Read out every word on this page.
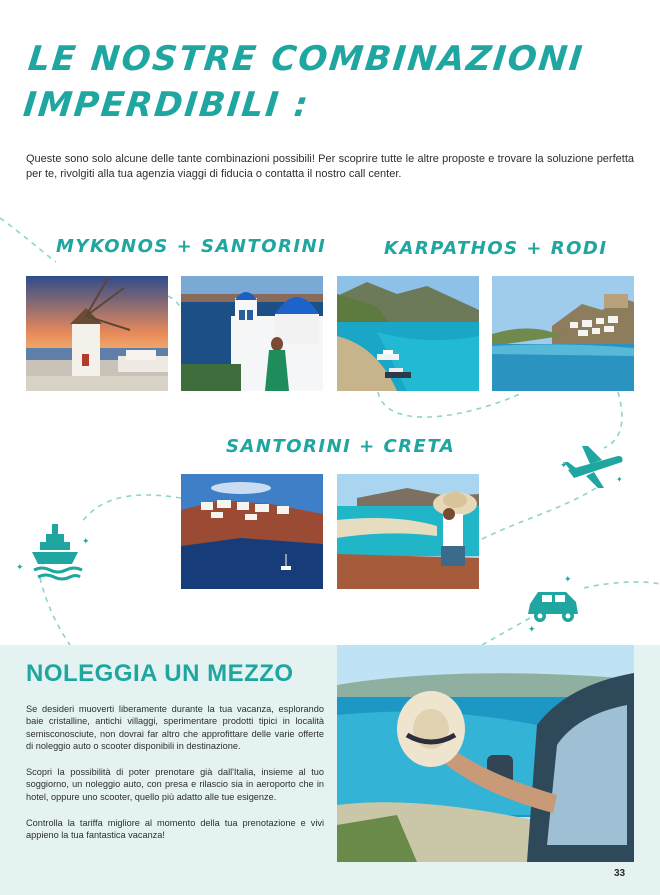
LE NOSTRE COMBINAZIONI
IMPERDIBILI :

Queste sono solo alcune delle tante combinazioni possibili! Per scoprire tutte le altre proposte e trovare la soluzione perfetta per te, rivolgiti alla tua agenzia viaggi di fiducia o contatta il nostro call center.

MYKONOS + SANTORINI	KARPATHOS + RODI
SANTORINI + CRETA
✦
✦
✦
✦
✦
✦
NOLEGGIA UN MEZZO

Se desideri muoverti liberamente durante la tua vacanza, esplorando baie cristalline, antichi villaggi, sperimentare prodotti tipici in località semisconosciute, non dovrai far altro che approfittare delle varie offerte di noleggio auto o scooter disponibili in destinazione.

Scopri la possibilità di poter prenotare già dall'Italia, insieme al tuo soggiorno, un noleggio auto, con presa e rilascio sia in aeroporto che in hotel, oppure uno scooter, quello più adatto alle tue esigenze.

Controlla la tariffa migliore al momento della tua prenotazione e vivi appieno la tua fantastica vacanza!

33
